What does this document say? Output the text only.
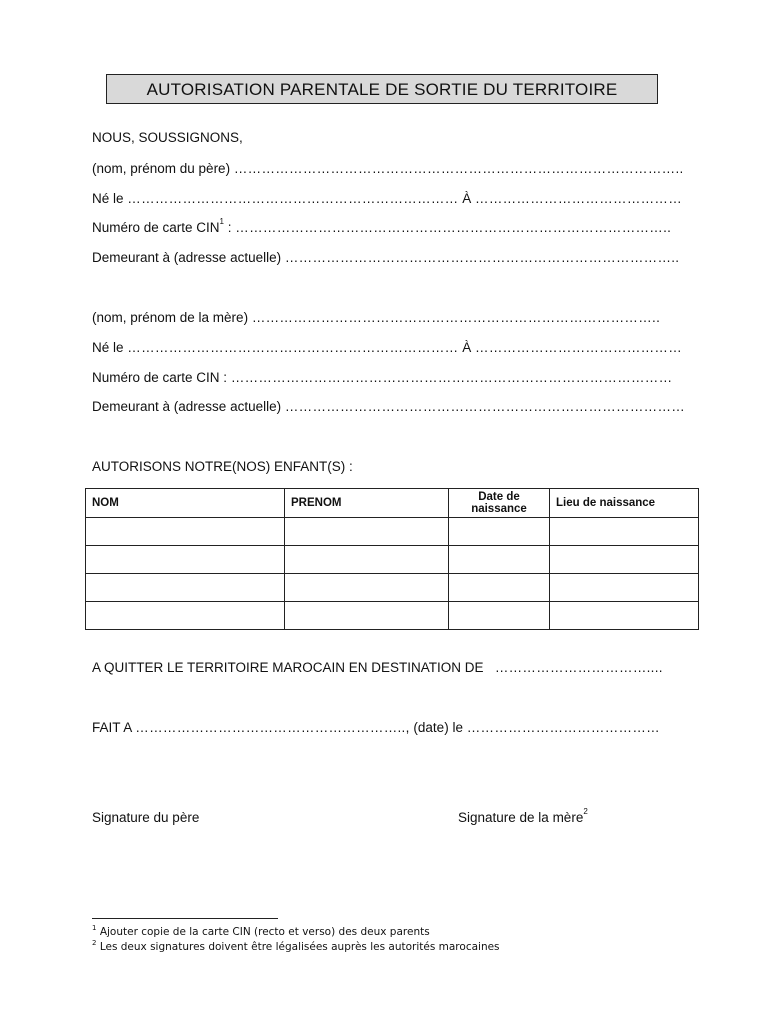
AUTORISATION PARENTALE DE SORTIE DU TERRITOIRE
NOUS, SOUSSIGNONS,
(nom, prénom du père) ……………………………………………………………………………………..
Né le ……………………………………………………………… À ………………………………………
Numéro de carte CIN$^1$ : …………………………………………………………………………………..
Demeurant à (adresse actuelle) …………………………………………………………………………..
(nom, prénom de la mère) ……………………………………………………………………………..
Né le ……………………………………………………………… À ………………………………………
Numéro de carte CIN : ……………………………………………………………………………………
Demeurant à (adresse actuelle) ……………………………………………………………………………
AUTORISONS NOTRE(NOS) ENFANT(S) :
NOM	PRENOM	Date de naissance	Lieu de naissance

A QUITTER LE TERRITOIRE MAROCAIN EN DESTINATION DE ……………………………....
FAIT A ………………………………………………….., (date) le ……………………………………
Signature du père	Signature de la mère$^2$
$^1$ Ajouter copie de la carte CIN (recto et verso) des deux parents
$^2$ Les deux signatures doivent être légalisées auprès les autorités marocaines
